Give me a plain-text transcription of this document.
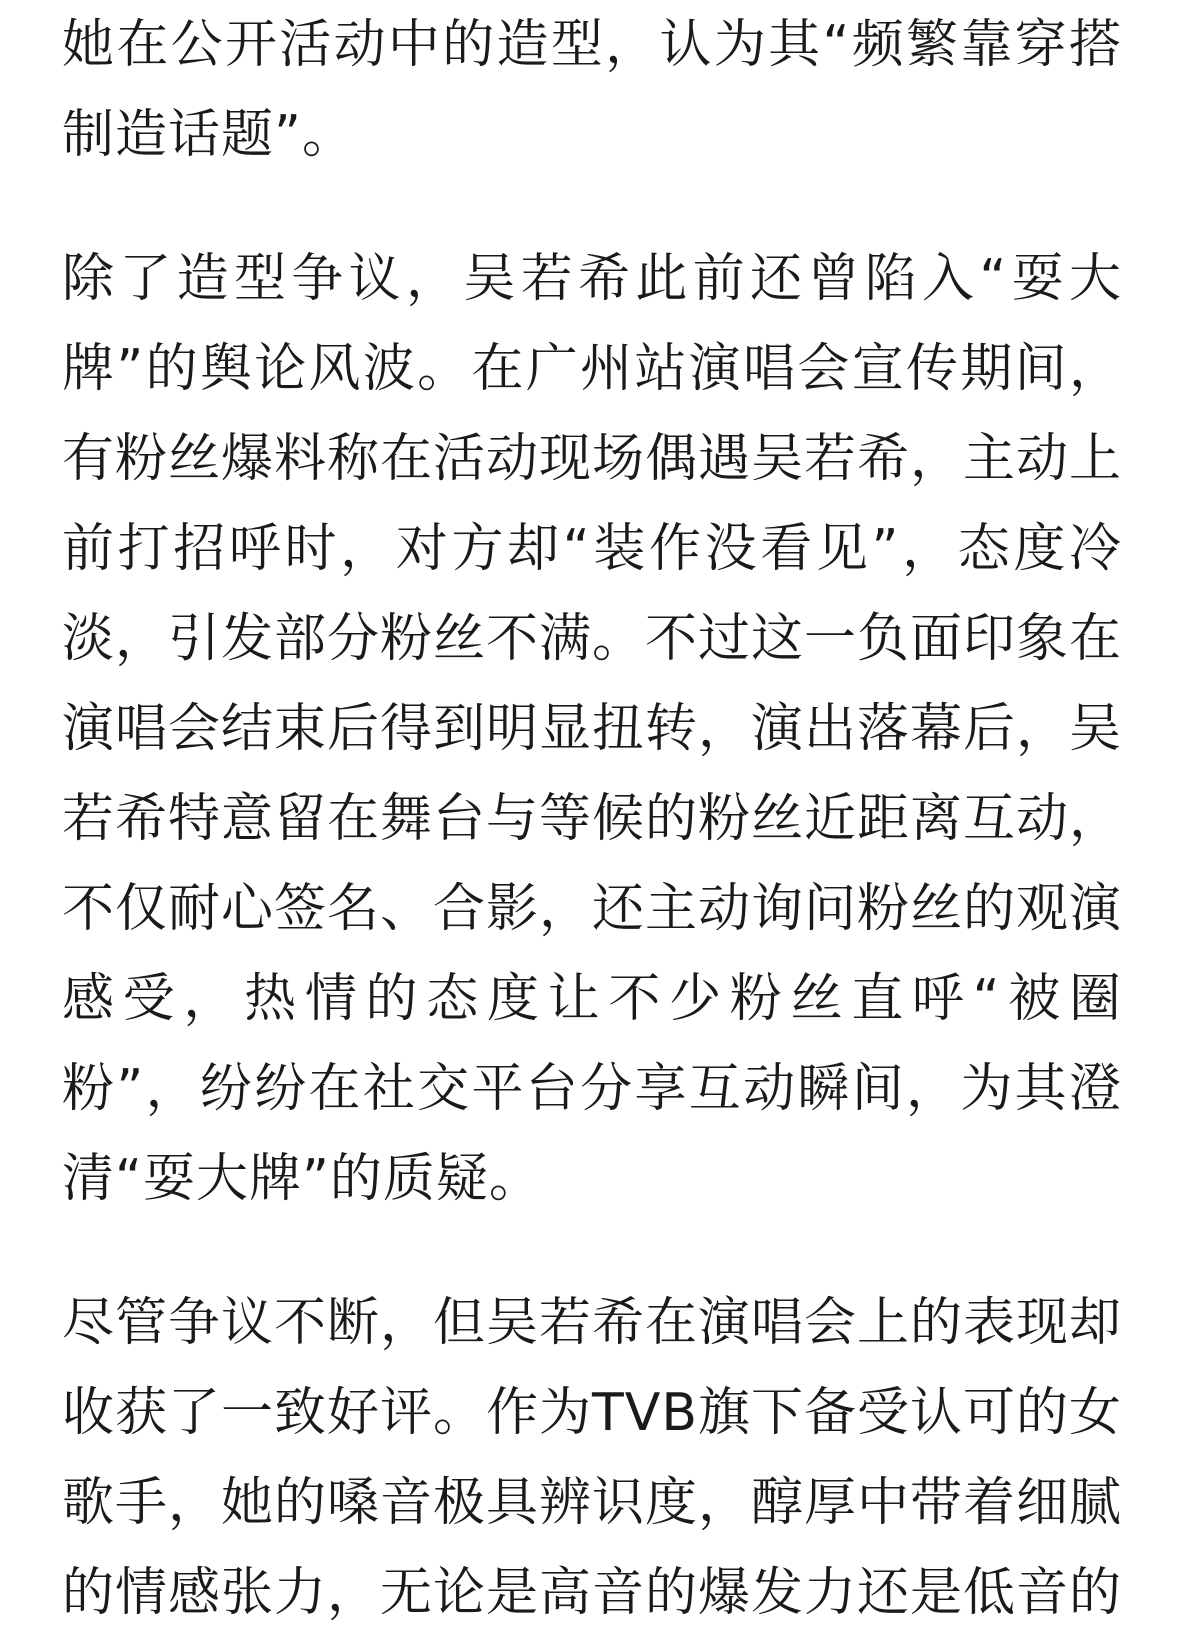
她在公开活动中的造型，认为其“频繁靠穿搭制造话题”。

除了造型争议，吴若希此前还曾陷入“耍大牌”的舆论风波。在广州站演唱会宣传期间，有粉丝爆料称在活动现场偶遇吴若希，主动上前打招呼时，对方却“装作没看见”，态度冷淡，引发部分粉丝不满。不过这一负面印象在演唱会结束后得到明显扭转，演出落幕后，吴若希特意留在舞台与等候的粉丝近距离互动，不仅耐心签名、合影，还主动询问粉丝的观演感受，热情的态度让不少粉丝直呼“被圈粉”，纷纷在社交平台分享互动瞬间，为其澄清“耍大牌”的质疑。

尽管争议不断，但吴若希在演唱会上的表现却收获了一致好评。作为TVB旗下备受认可的女歌手，她的嗓音极具辨识度，醇厚中带着细腻的情感张力，无论是高音的爆发力还是低音的
